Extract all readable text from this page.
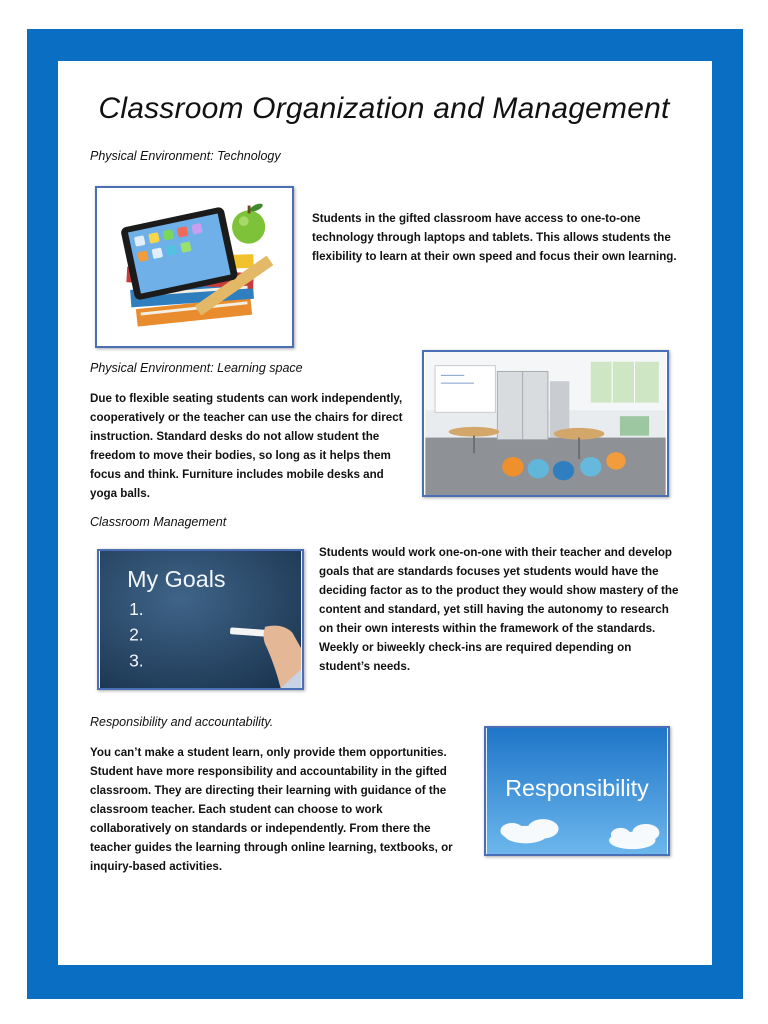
Classroom Organization and Management
Physical Environment: Technology

Students in the gifted classroom have access to one-to-one technology through laptops and tablets. This allows students the flexibility to learn at their own speed and focus their own learning.

Physical Environment: Learning space

Due to flexible seating students can work independently, cooperatively or the teacher can use the chairs for direct instruction. Standard desks do not allow student the freedom to move their bodies, so long as it helps them focus and think. Furniture includes mobile desks and yoga balls.

Classroom Management
My Goals
1.
2.
3.

Students would work one-on-one with their teacher and develop goals that are standards focuses yet students would have the deciding factor as to the product they would show mastery of the content and standard, yet still having the autonomy to research on their own interests within the framework of the standards. Weekly or biweekly check-ins are required depending on student’s needs.

Responsibility and accountability.

You can’t make a student learn, only provide them opportunities. Student have more responsibility and accountability in the gifted classroom. They are directing their learning with guidance of the classroom teacher. Each student can choose to work collaboratively on standards or independently. From there the teacher guides the learning through online learning, textbooks, or inquiry-based activities.

Responsibility
